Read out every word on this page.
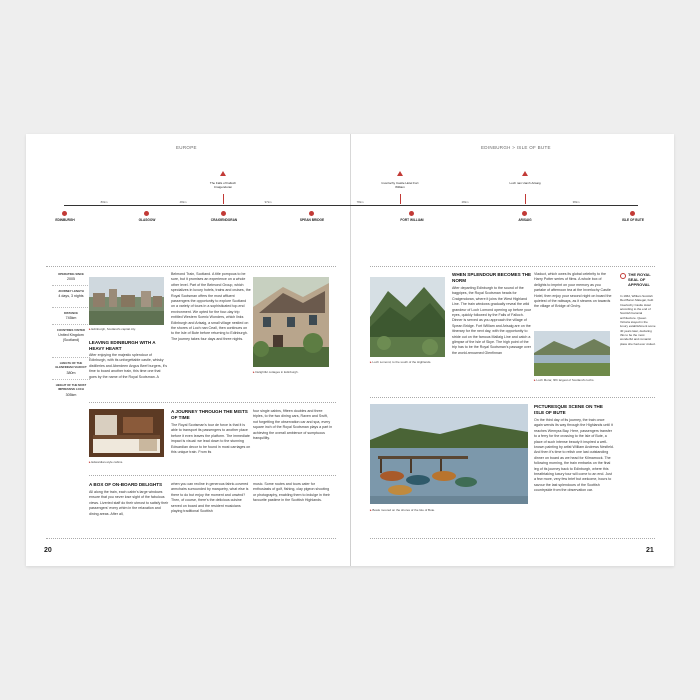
EUROPE	EDINBURGH > ISLE OF BUTE
The Falls of Falloch Craigendoran
Inverlochy Castle Hotel Fort William
Loch nan Uamh Arisaig
EDINBURGH	GLASGOW	CRAIGENDORAN	SPEAN BRIDGE	FORT WILLIAM	ARISAIG	ISLE OF BUTE
80km	48km	97km	78km	28km	38km
OPERATING SINCE
2005
JOURNEY LENGTH
4 days, 3 nights
DISTANCE
745km
COUNTRIES VISITED
United Kingdom (Scotland)
LENGTH OF THE GLENFINNAN VIADUCT
380m
HEIGHT OF THE MOST IMPRESSIVE LOCH
305km
▸ Edinburgh, Scotland's capital city.
▸ Delightful cottages in Edinburgh.
LEAVING EDINBURGH WITH A HEAVY HEART
After enjoying the majestic splendour of Edinburgh, with its unforgettable castle, whisky distilleries and Aberdeen Angus Beef burgers, it's time to board another train, this time one that goes by the name of the Royal Scotsman. A
Belmond Train, Scotland. A title pompous to be sure, but it promises an experience on a whole other level. Part of the Belmond Group, which specializes in luxury hotels, trains and cruises, the Royal Scotsman offers the most affluent passengers the opportunity to explore Scotland on a variety of tours in a sophisticated top-end environment. We opted for the four-day trip entitled Western Scenic Wonders, which links Edinburgh and Arisaig, a small village nestled on the shores of Loch nan Ceall, then continues on to the Isle of Bute before returning to Edinburgh. The journey takes four days and three nights.
▸ Edwardian-style cabins.
A JOURNEY THROUGH THE MISTS OF TIME
The Royal Scotsman's tour de force is that it is able to transport its passengers to another place before it even leaves the platform. The immediate impact is visual: we lead down to the stunning Edwardian decor to be found in most carriages on this unique train. From its
four single cabins, fifteen doubles and three triples, to the two dining cars, Raven and Swift, not forgetting the observation car and spa, every square inch of the Royal Scotsman plays a part in achieving the overall ambience of sumptuous tranquillity.
A BOX OF ON-BOARD DELIGHTS
All along the train, each cabin's large windows ensure that you never lose sight of the fabulous views. Liveried staff do their utmost to satisfy their passengers' every whim in the relaxation and dining areas. After all,
when you can recline in generous fabric-covered armchairs surrounded by marquetry, what else is there to do but enjoy the moment and unwind? Then, of course, there's the delicious cuisine served on board and the resident musicians playing traditional Scottish
music. Some routes and tours cater for enthusiasts of golf, fishing, clay pigeon shooting or photography, enabling them to indulge in their favourite pastime in the Scottish Highlands.
20
▸ Loch Lomond, to the south of the Highlands.
WHEN SPLENDOUR BECOMES THE NORM
After departing Edinburgh to the sound of the bagpipes, the Royal Scotsman heads for Craigendoran, where it joins the West Highland Line. The train windows gradually reveal the wild grandeur of Loch Lomond opening up before your eyes, quickly followed by the Falls of Falloch. Dinner is served as you approach the village of Spean Bridge. Fort William and Arisaig are on the itinerary for the next day, with the opportunity to stride out on the famous Mallaig Line and catch a glimpse of the Isle of Skye. The high point of the trip has to be the Royal Scotsman's passage over the world-renowned Glenfinnan
Viaduct, which owes its global celebrity to the Harry Potter series of films. A whole box of delights to imprint on your memory as you partake of afternoon tea at the Inverlochy Castle Hotel, then enjoy your second night on board the quietest of the railways, as it steams on towards the village of Bridge of Orchy.
▸ Loch Morar, fifth largest of Scotland's lochs.
THE ROYAL SEAL OF APPROVAL
In 1962, William Scottish Red Baron Mategar, built Inverlochy Castle Hotel according to the end of Scottish baronial architecture. Queen Victoria stayed in the luxury establishment some 40 years later, declaring this to be the most wonderful and romantic place she had ever visited.
▸ Boats moored on the shores of the Isle of Bute.
PICTURESQUE SCENE ON THE ISLE OF BUTE
On the third day of its journey, the train once again wends its way through the Highlands until it reaches Wemyss Bay. Here, passengers transfer to a ferry for the crossing to the Isle of Bute, a place of such intense beauty it inspired a well-known painting by artist William Andrews Nesfield. And then it's time to relish one last outstanding dinner on board as we head for Kilmarnock. The following morning, the train embarks on the final leg of its journey back to Edinburgh, where this breathtaking luxury tour will come to an end. Just a few more, very few brief but welcome, hours to savour the last splendours of the Scottish countryside from the observation car.
21
